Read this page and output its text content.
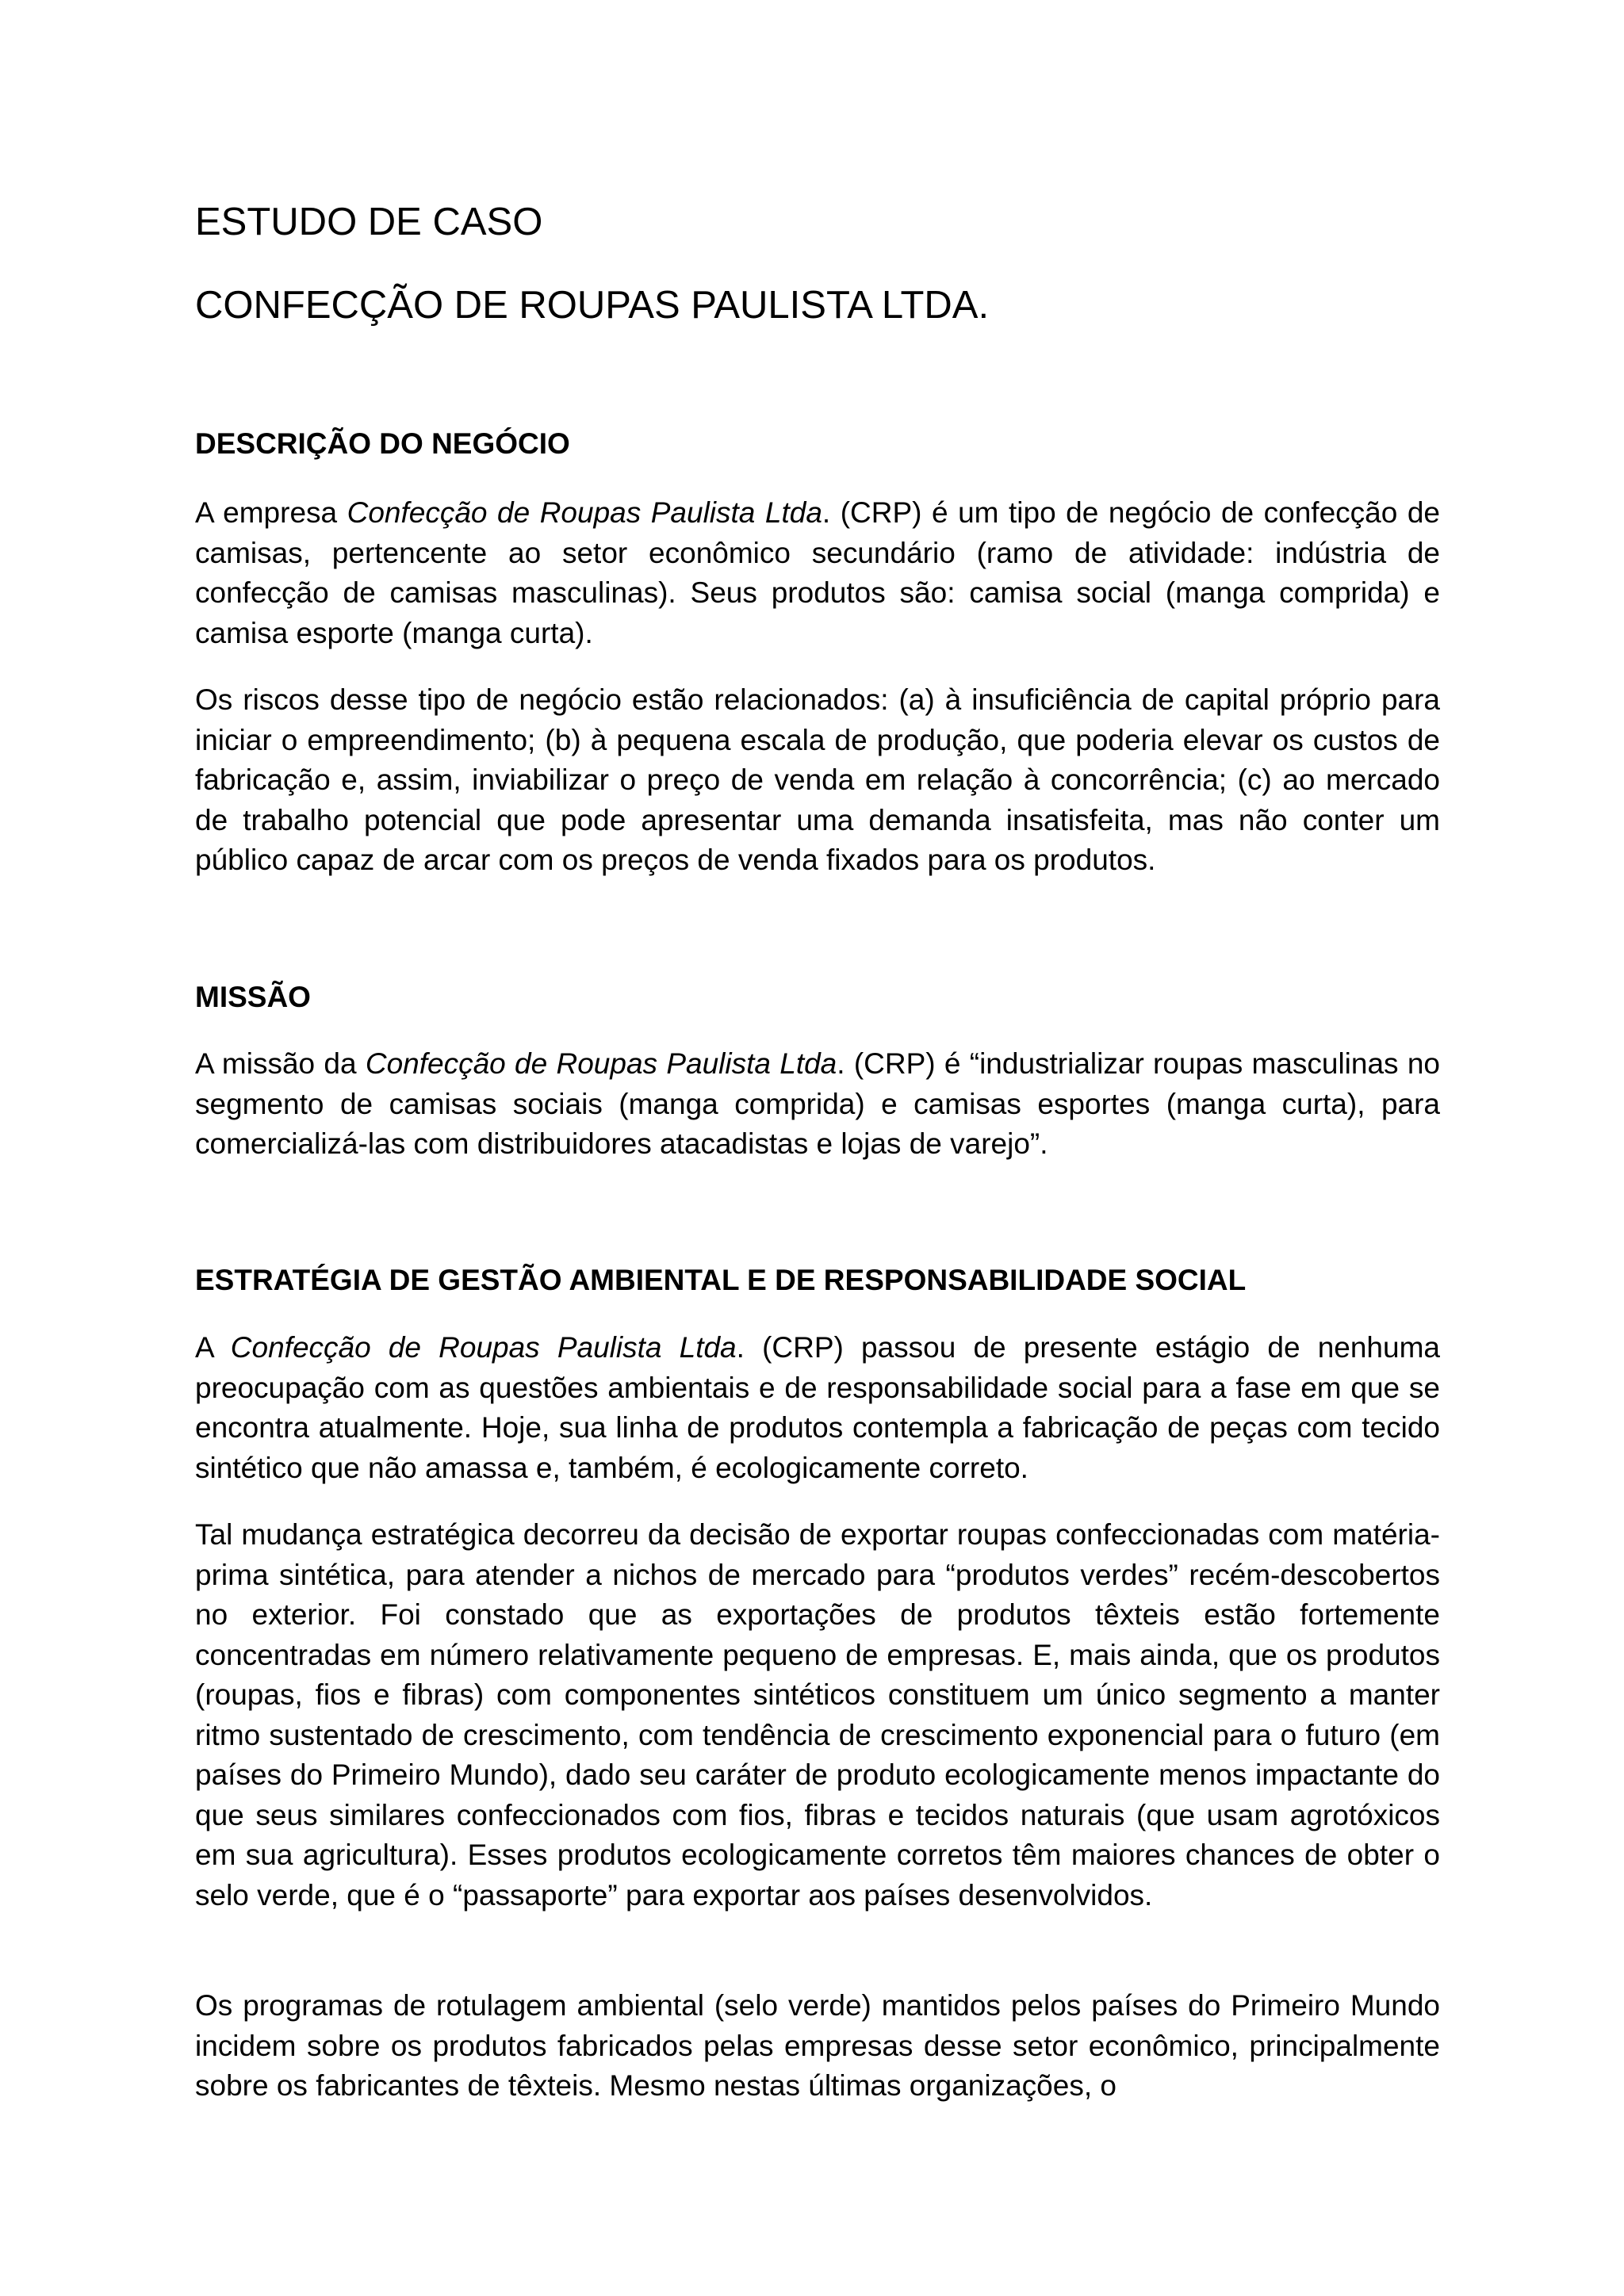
ESTUDO DE CASO
CONFECÇÃO DE ROUPAS PAULISTA LTDA.
DESCRIÇÃO DO NEGÓCIO
A empresa Confecção de Roupas Paulista Ltda. (CRP) é um tipo de negócio de confecção de camisas, pertencente ao setor econômico secundário (ramo de atividade: indústria de confecção de camisas masculinas). Seus produtos são: camisa social (manga comprida) e camisa esporte (manga curta).
Os riscos desse tipo de negócio estão relacionados: (a) à insuficiência de capital próprio para iniciar o empreendimento; (b) à pequena escala de produção, que poderia elevar os custos de fabricação e, assim, inviabilizar o preço de venda em relação à concorrência; (c) ao mercado de trabalho potencial que pode apresentar uma demanda insatisfeita, mas não conter um público capaz de arcar com os preços de venda fixados para os produtos.
MISSÃO
A missão da Confecção de Roupas Paulista Ltda. (CRP) é “industrializar roupas masculinas no segmento de camisas sociais (manga comprida) e camisas esportes (manga curta), para comercializá-las com distribuidores atacadistas e lojas de varejo”.
ESTRATÉGIA DE GESTÃO AMBIENTAL E DE RESPONSABILIDADE SOCIAL
A Confecção de Roupas Paulista Ltda. (CRP) passou de presente estágio de nenhuma preocupação com as questões ambientais e de responsabilidade social para a fase em que se encontra atualmente. Hoje, sua linha de produtos contempla a fabricação de peças com tecido sintético que não amassa e, também, é ecologicamente correto.
Tal mudança estratégica decorreu da decisão de exportar roupas confeccionadas com matéria-prima sintética, para atender a nichos de mercado para “produtos verdes” recém-descobertos no exterior. Foi constado que as exportações de produtos têxteis estão fortemente concentradas em número relativamente pequeno de empresas. E, mais ainda, que os produtos (roupas, fios e fibras) com componentes sintéticos constituem um único segmento a manter ritmo sustentado de crescimento, com tendência de crescimento exponencial para o futuro (em países do Primeiro Mundo), dado seu caráter de produto ecologicamente menos impactante do que seus similares confeccionados com fios, fibras e tecidos naturais (que usam agrotóxicos em sua agricultura). Esses produtos ecologicamente corretos têm maiores chances de obter o selo verde, que é o “passaporte” para exportar aos países desenvolvidos.
Os programas de rotulagem ambiental (selo verde) mantidos pelos países do Primeiro Mundo incidem sobre os produtos fabricados pelas empresas desse setor econômico, principalmente sobre os fabricantes de têxteis. Mesmo nestas últimas organizações, o
